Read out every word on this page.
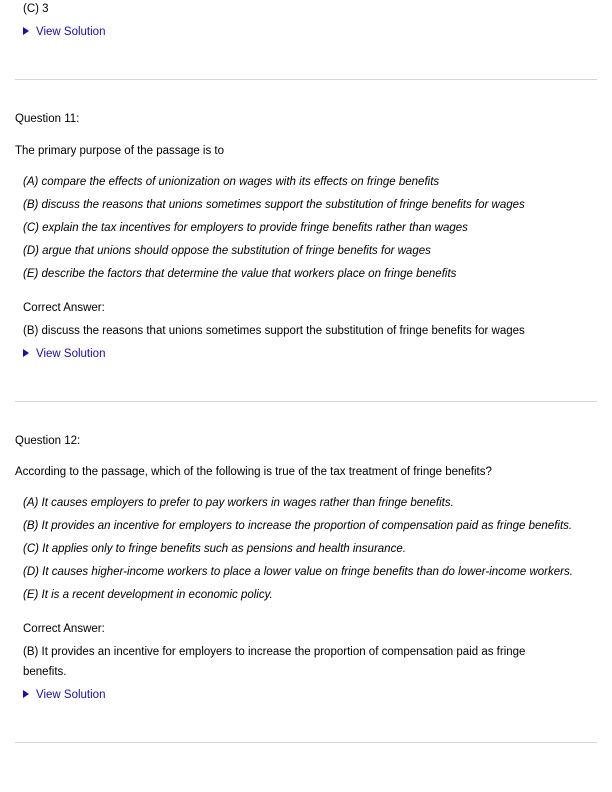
(C) 3
View Solution
Question 11:
The primary purpose of the passage is to
(A) compare the effects of unionization on wages with its effects on fringe benefits
(B) discuss the reasons that unions sometimes support the substitution of fringe benefits for wages
(C) explain the tax incentives for employers to provide fringe benefits rather than wages
(D) argue that unions should oppose the substitution of fringe benefits for wages
(E) describe the factors that determine the value that workers place on fringe benefits
Correct Answer:
(B) discuss the reasons that unions sometimes support the substitution of fringe benefits for wages
View Solution
Question 12:
According to the passage, which of the following is true of the tax treatment of fringe benefits?
(A) It causes employers to prefer to pay workers in wages rather than fringe benefits.
(B) It provides an incentive for employers to increase the proportion of compensation paid as fringe benefits.
(C) It applies only to fringe benefits such as pensions and health insurance.
(D) It causes higher-income workers to place a lower value on fringe benefits than do lower-income workers.
(E) It is a recent development in economic policy.
Correct Answer:
(B) It provides an incentive for employers to increase the proportion of compensation paid as fringe
benefits.
View Solution
